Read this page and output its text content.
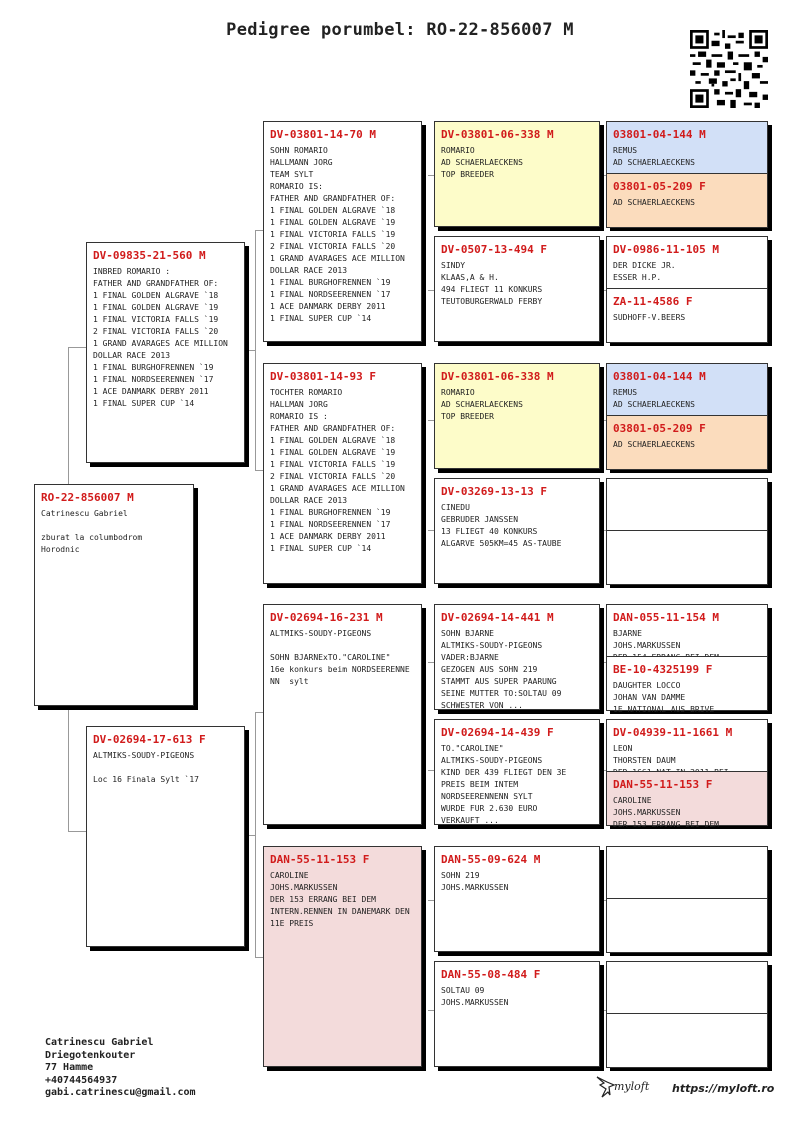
Pedigree porumbel: RO-22-856007 M
RO-22-856007 M
Catrinescu Gabriel

zburat la columbodrom
Horodnic
DV-09835-21-560 M
INBRED ROMARIO :
FATHER AND GRANDFATHER OF:
1 FINAL GOLDEN ALGRAVE `18
1 FINAL GOLDEN ALGRAVE `19
1 FINAL VICTORIA FALLS `19
2 FINAL VICTORIA FALLS `20
1 GRAND AVARAGES ACE MILLION
DOLLAR RACE 2013
1 FINAL BURGHOFRENNEN `19
1 FINAL NORDSEERENNEN `17
1 ACE DANMARK DERBY 2011
1 FINAL SUPER CUP `14
DV-02694-17-613 F
ALTMIKS-SOUDY-PIGEONS

Loc 16 Finala Sylt `17
DV-03801-14-70 M
SOHN ROMARIO
HALLMANN JORG
TEAM SYLT
ROMARIO IS:
FATHER AND GRANDFATHER OF:
1 FINAL GOLDEN ALGRAVE `18
1 FINAL GOLDEN ALGRAVE `19
1 FINAL VICTORIA FALLS `19
2 FINAL VICTORIA FALLS `20
1 GRAND AVARAGES ACE MILLION
DOLLAR RACE 2013
1 FINAL BURGHOFRENNEN `19
1 FINAL NORDSEERENNEN `17
1 ACE DANMARK DERBY 2011
1 FINAL SUPER CUP `14
DV-03801-14-93 F
TOCHTER ROMARIO
HALLMAN JORG
ROMARIO IS :
FATHER AND GRANDFATHER OF:
1 FINAL GOLDEN ALGRAVE `18
1 FINAL GOLDEN ALGRAVE `19
1 FINAL VICTORIA FALLS `19
2 FINAL VICTORIA FALLS `20
1 GRAND AVARAGES ACE MILLION
DOLLAR RACE 2013
1 FINAL BURGHOFRENNEN `19
1 FINAL NORDSEERENNEN `17
1 ACE DANMARK DERBY 2011
1 FINAL SUPER CUP `14
DV-02694-16-231 M
ALTMIKS-SOUDY-PIGEONS

SOHN BJARNExTO."CAROLINE"
16e konkurs beim NORDSEERENNE
NN  sylt
DAN-55-11-153 F
CAROLINE
JOHS.MARKUSSEN
DER 153 ERRANG BEI DEM
INTERN.RENNEN IN DANEMARK DEN
11E PREIS
DV-03801-06-338 M
ROMARIO
AD SCHAERLAECKENS
TOP BREEDER
DV-0507-13-494 F
SINDY
KLAAS,A & H.
494 FLIEGT 11 KONKURS
TEUTOBURGERWALD FERBY
DV-03801-06-338 M
ROMARIO
AD SCHAERLAECKENS
TOP BREEDER
DV-03269-13-13 F
CINEDU
GEBRUDER JANSSEN
13 FLIEGT 40 KONKURS
ALGARVE 505KM=45 AS-TAUBE
DV-02694-14-441 M
SOHN BJARNE
ALTMIKS-SOUDY-PIGEONS
VADER:BJARNE
GEZOGEN AUS SOHN 219
STAMMT AUS SUPER PAARUNG
SEINE MUTTER TO:SOLTAU 09
SCHWESTER VON ...
DV-02694-14-439 F
TO."CAROLINE"
ALTMIKS-SOUDY-PIGEONS
KIND DER 439 FLIEGT DEN 3E
PREIS BEIM INTEM
NORDSEERENNENN SYLT
WURDE FUR 2.630 EURO
VERKAUFT ...
DAN-55-09-624 M
SOHN 219
JOHS.MARKUSSEN
DAN-55-08-484 F
SOLTAU 09
JOHS.MARKUSSEN
03801-04-144 M
REMUS
AD SCHAERLAECKENS
03801-05-209 F
AD SCHAERLAECKENS
DV-0986-11-105 M
DER DICKE JR.
ESSER H.P.
ZA-11-4586 F
SUDHOFF-V.BEERS
03801-04-144 M
REMUS
AD SCHAERLAECKENS
03801-05-209 F
AD SCHAERLAECKENS
DAN-055-11-154 M
BJARNE
JOHS.MARKUSSEN

BE-10-4325199 F
DAUGHTER LOCCO
JOHAN VAN DAMME
1E NATIONAL AUS BRIVE
DV-04939-11-1661 M
LEON
THORSTEN DAUM

DAN-55-11-153 F
CAROLINE
JOHS.MARKUSSEN
DER 153 ERRANG BEI DEM
Catrinescu Gabriel
Driegotenkouter
77 Hamme
+40744564937
gabi.catrinescu@gmail.com	myloft https://myloft.ro
